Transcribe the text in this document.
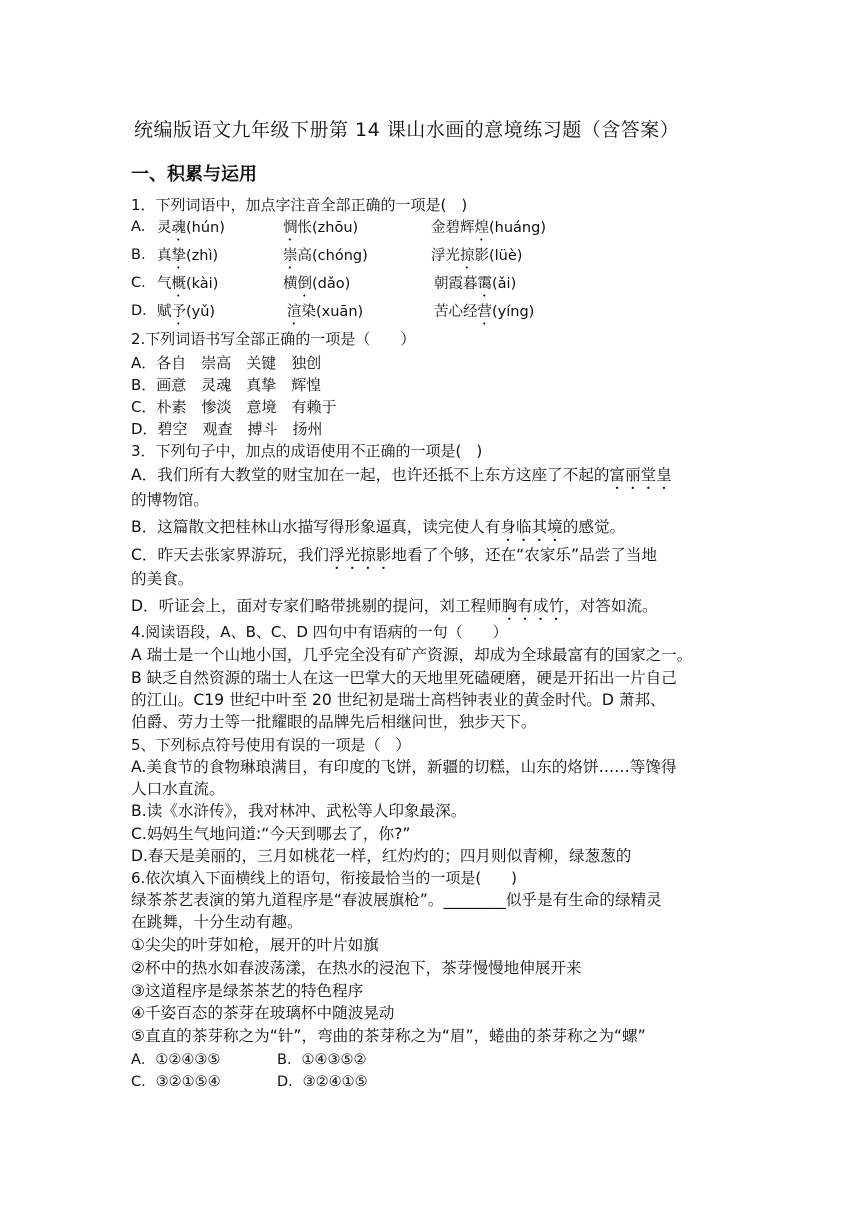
统编版语文九年级下册第 14 课山水画的意境练习题（含答案）
一、积累与运用
1．下列词语中，加点字注音全部正确的一项是(　)
A． 灵魂(hún)	惆怅(zhōu)	金碧辉煌(huáng)
B． 真挚(zhì)	崇高(chóng)	浮光掠影(lüè)
C． 气概(kài)	横倒(dǎo)	朝霞暮霭(ǎi)
D． 赋予(yǔ)	渲染(xuān)	苦心经营(yíng)
2.下列词语书写全部正确的一项是（　　）
A．各自　崇高　关键　独创
B．画意　灵魂　真挚　辉惶
C．朴素　惨淡　意境　有赖于
D．碧空　观查　搏斗　扬州
3．下列句子中，加点的成语使用不正确的一项是(　)
A．我们所有大教堂的财宝加在一起，也许还抵不上东方这座了不起的富丽堂皇
的博物馆。
B．这篇散文把桂林山水描写得形象逼真，读完使人有身临其境的感觉。
C．昨天去张家界游玩，我们浮光掠影地看了个够，还在“农家乐”品尝了当地
的美食。
D．听证会上，面对专家们略带挑剔的提问，刘工程师胸有成竹，对答如流。
4.阅读语段，A、B、C、D 四句中有语病的一句（　　）
A 瑞士是一个山地小国，几乎完全没有矿产资源，却成为全球最富有的国家之一。
B 缺乏自然资源的瑞士人在这一巴掌大的天地里死磕硬磨，硬是开拓出一片自己
的江山。C19 世纪中叶至 20 世纪初是瑞士高档钟表业的黄金时代。D 萧邦、
伯爵、劳力士等一批耀眼的品牌先后相继问世，独步天下。
5、下列标点符号使用有误的一项是（　）
A.美食节的食物琳琅满目，有印度的飞饼，新疆的切糕，山东的烙饼……等馋得
人口水直流。
B.读《水浒传》，我对林冲、武松等人印象最深。
C.妈妈生气地问道:“今天到哪去了，你?”
D.春天是美丽的，三月如桃花一样，红灼灼的；四月则似青柳，绿葱葱的
6.依次填入下面横线上的语句，衔接最恰当的一项是(　　)
绿茶茶艺表演的第九道程序是“春波展旗枪”。________似乎是有生命的绿精灵
在跳舞，十分生动有趣。
①尖尖的叶芽如枪，展开的叶片如旗
②杯中的热水如春波荡漾，在热水的浸泡下，茶芽慢慢地伸展开来
③这道程序是绿茶茶艺的特色程序
④千姿百态的茶芽在玻璃杯中随波晃动
⑤直直的茶芽称之为“针”，弯曲的茶芽称之为“眉”，蜷曲的茶芽称之为“螺”
A．①②④③⑤	B．①④③⑤②
C．③②①⑤④	D．③②④①⑤
